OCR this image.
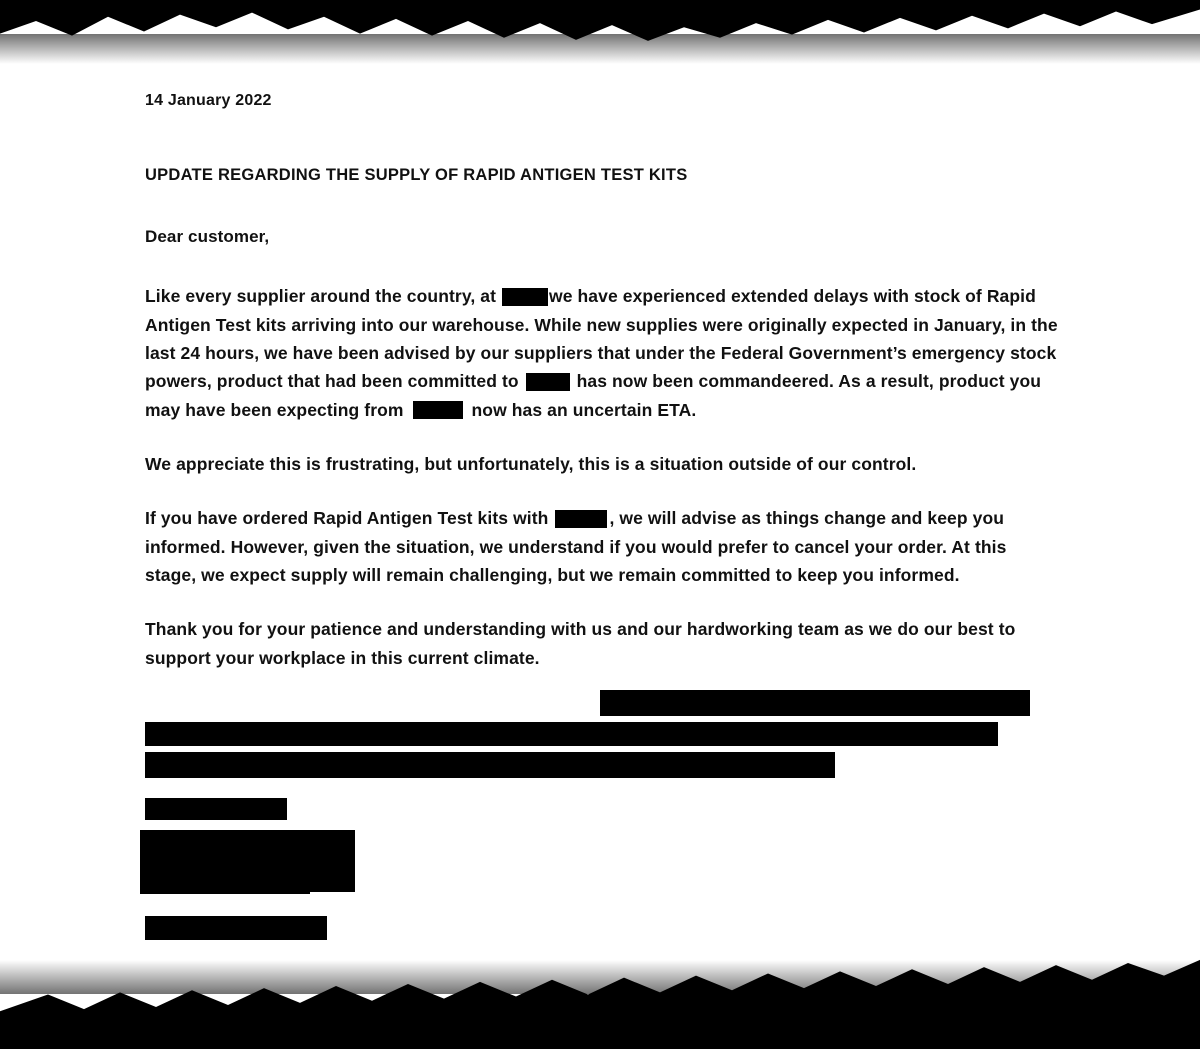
14 January 2022
UPDATE REGARDING THE SUPPLY OF RAPID ANTIGEN TEST KITS
Dear customer,

Like every supplier around the country, at	we have experienced extended delays with stock of Rapid Antigen Test kits arriving into our warehouse. While new supplies were originally expected in January, in the last 24 hours, we have been advised by our suppliers that under the Federal Government’s emergency stock powers, product that had been committed to	has now been commandeered. As a result, product you may have been expecting from	now has an uncertain ETA.

We appreciate this is frustrating, but unfortunately, this is a situation outside of our control.

If you have ordered Rapid Antigen Test kits with	, we will advise as things change and keep you informed. However, given the situation, we understand if you would prefer to cancel your order. At this stage, we expect supply will remain challenging, but we remain committed to keep you informed.

Thank you for your patience and understanding with us and our hardworking team as we do our best to support your workplace in this current climate.
